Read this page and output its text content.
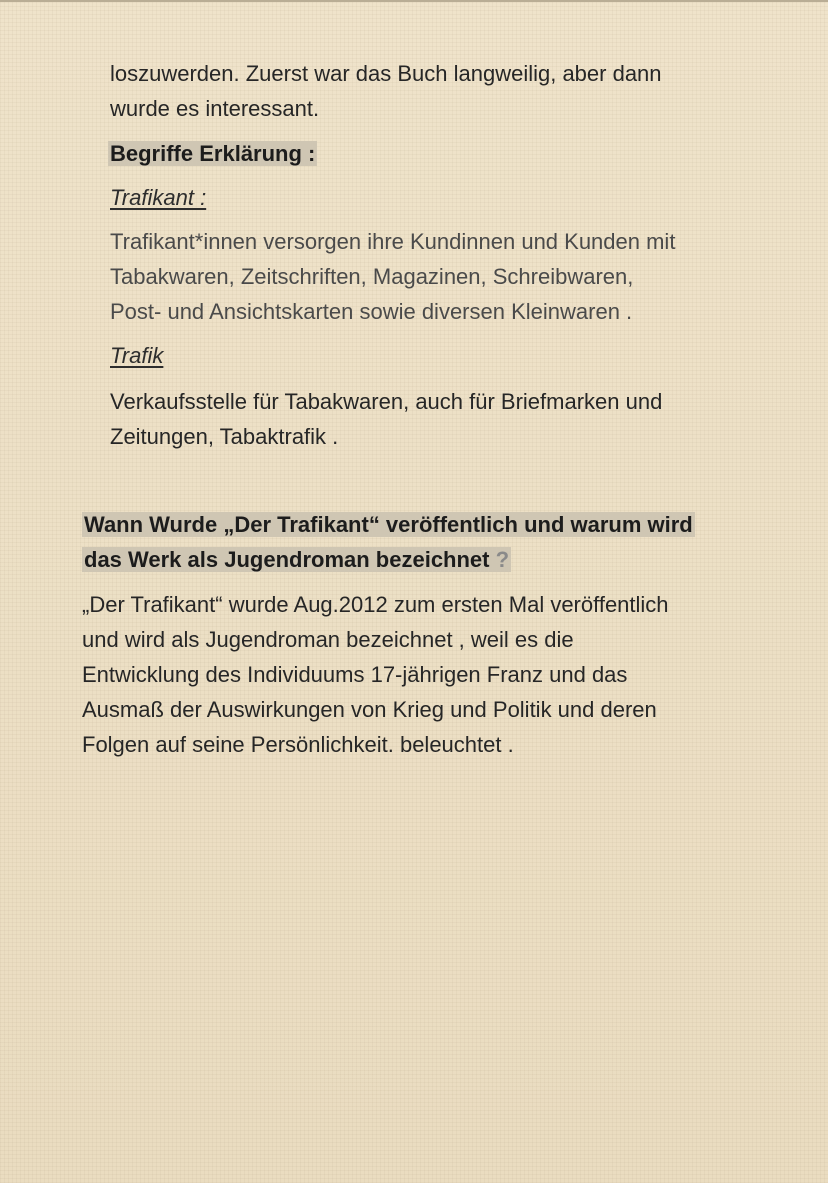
loszuwerden. Zuerst war das Buch langweilig, aber dann

wurde es interessant.

Begriffe Erklärung :

Trafikant :

Trafikant*innen versorgen ihre Kundinnen und Kunden mit

Tabakwaren, Zeitschriften, Magazinen, Schreibwaren,

Post- und Ansichtskarten sowie diversen Kleinwaren .

Trafik

Verkaufsstelle für Tabakwaren, auch für Briefmarken und

Zeitungen, Tabaktrafik .

Wann Wurde „Der Trafikant“ veröffentlich und warum wird

das Werk als Jugendroman bezeichnet ?

„Der Trafikant“ wurde Aug.2012 zum ersten Mal veröffentlich

und wird als Jugendroman bezeichnet , weil es die

Entwicklung des Individuums 17-jährigen Franz und das

Ausmaß der Auswirkungen von Krieg und Politik und deren

Folgen auf seine Persönlichkeit. beleuchtet .
